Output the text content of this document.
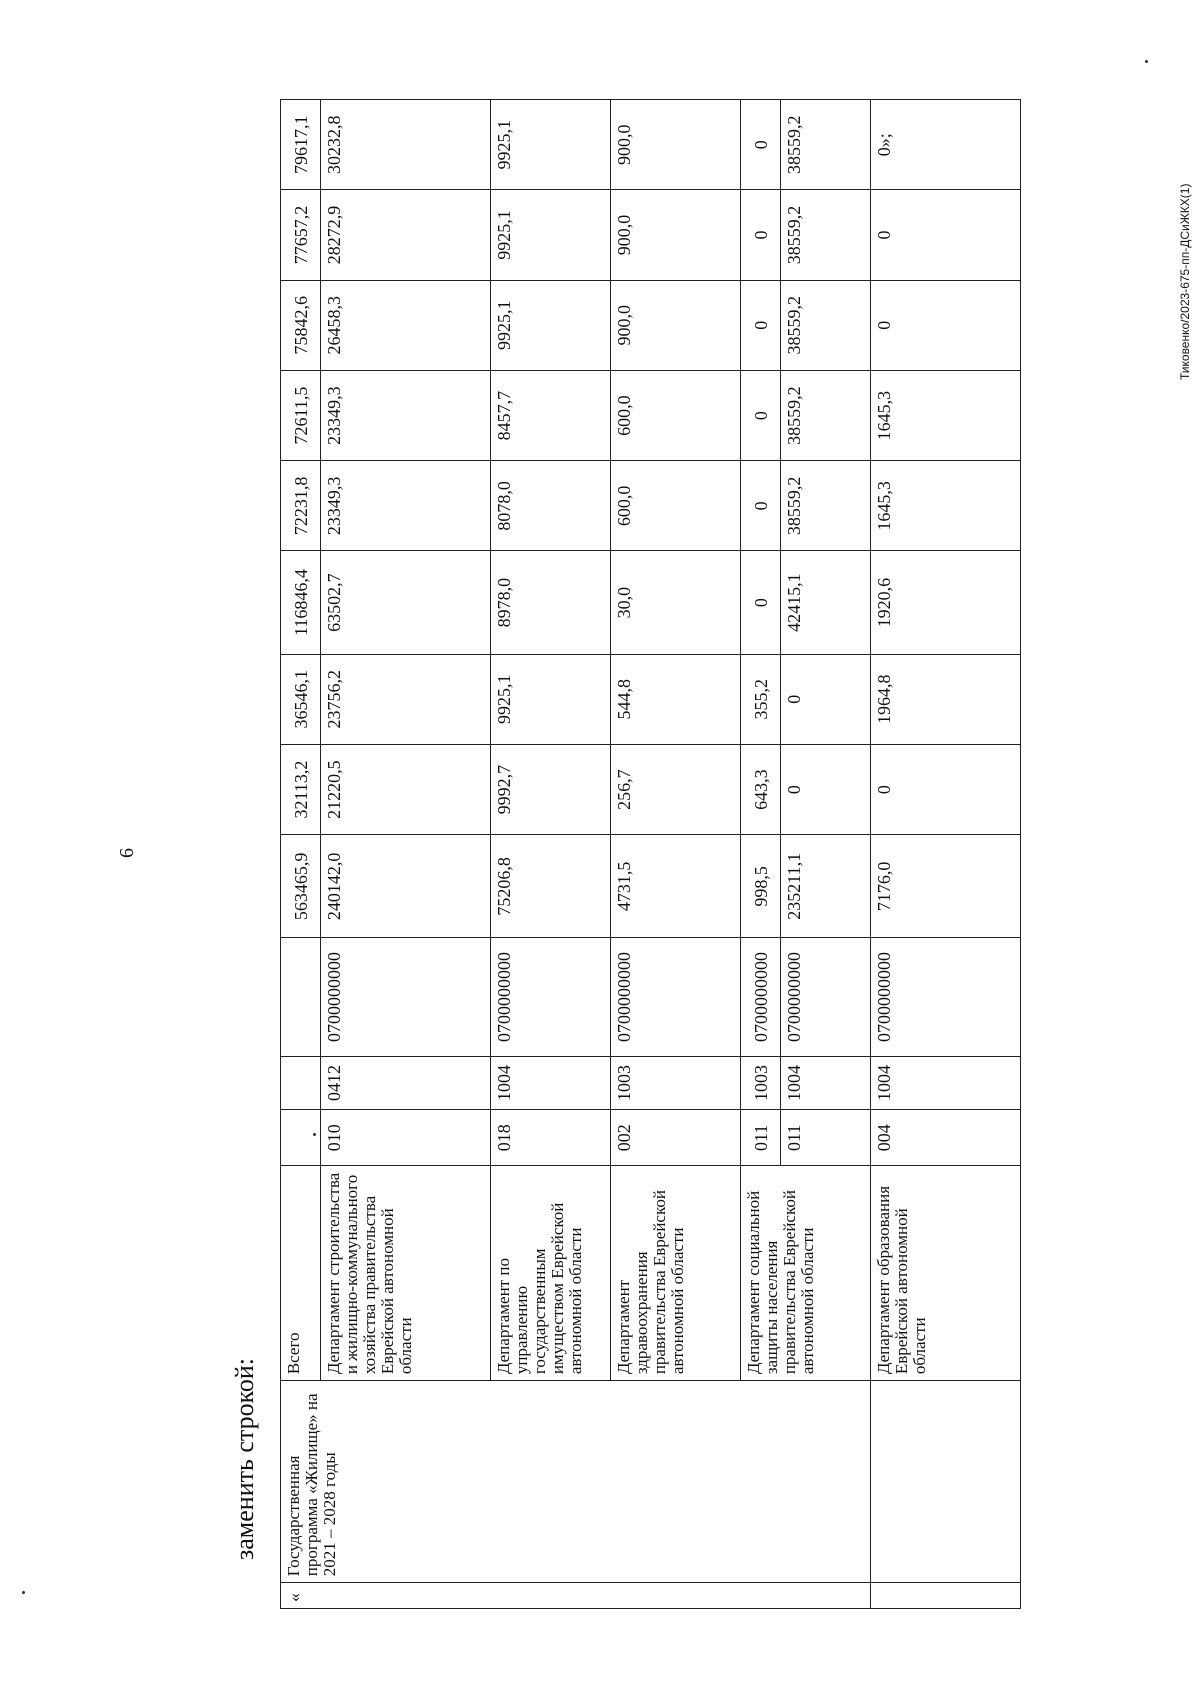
6
заменить строкой:
Тиковенко/2023-675-пп-ДСиЖКХ(1)
«	Государственная программа «Жилище» на 2021 – 2028 годы	Всего				563465,9	32113,2	36546,1	116846,4	72231,8	72611,5	75842,6	77657,2	79617,1
		Департамент строительства и жилищно-коммунального хозяйства правительства Еврейской автономной области	010	0412	0700000000	240142,0	21220,5	23756,2	63502,7	23349,3	23349,3	26458,3	28272,9	30232,8
		Департамент по управлению государственным имуществом Еврейской автономной области	018	1004	0700000000	75206,8	9992,7	9925,1	8978,0	8078,0	8457,7	9925,1	9925,1	9925,1
		Департамент здравоохранения правительства Еврейской автономной области	002	1003	0700000000	4731,5	256,7	544,8	30,0	600,0	600,0	900,0	900,0	900,0
		Департамент социальной защиты населения правительства Еврейской автономной области	011	1003	0700000000	998,5	643,3	355,2	0	0	0	0	0	0
			011	1004	0700000000	235211,1	0	0	42415,1	38559,2	38559,2	38559,2	38559,2	38559,2
		Департамент образования Еврейской автономной области	004	1004	0700000000	7176,0	0	1964,8	1920,6	1645,3	1645,3	0	0	0»;
